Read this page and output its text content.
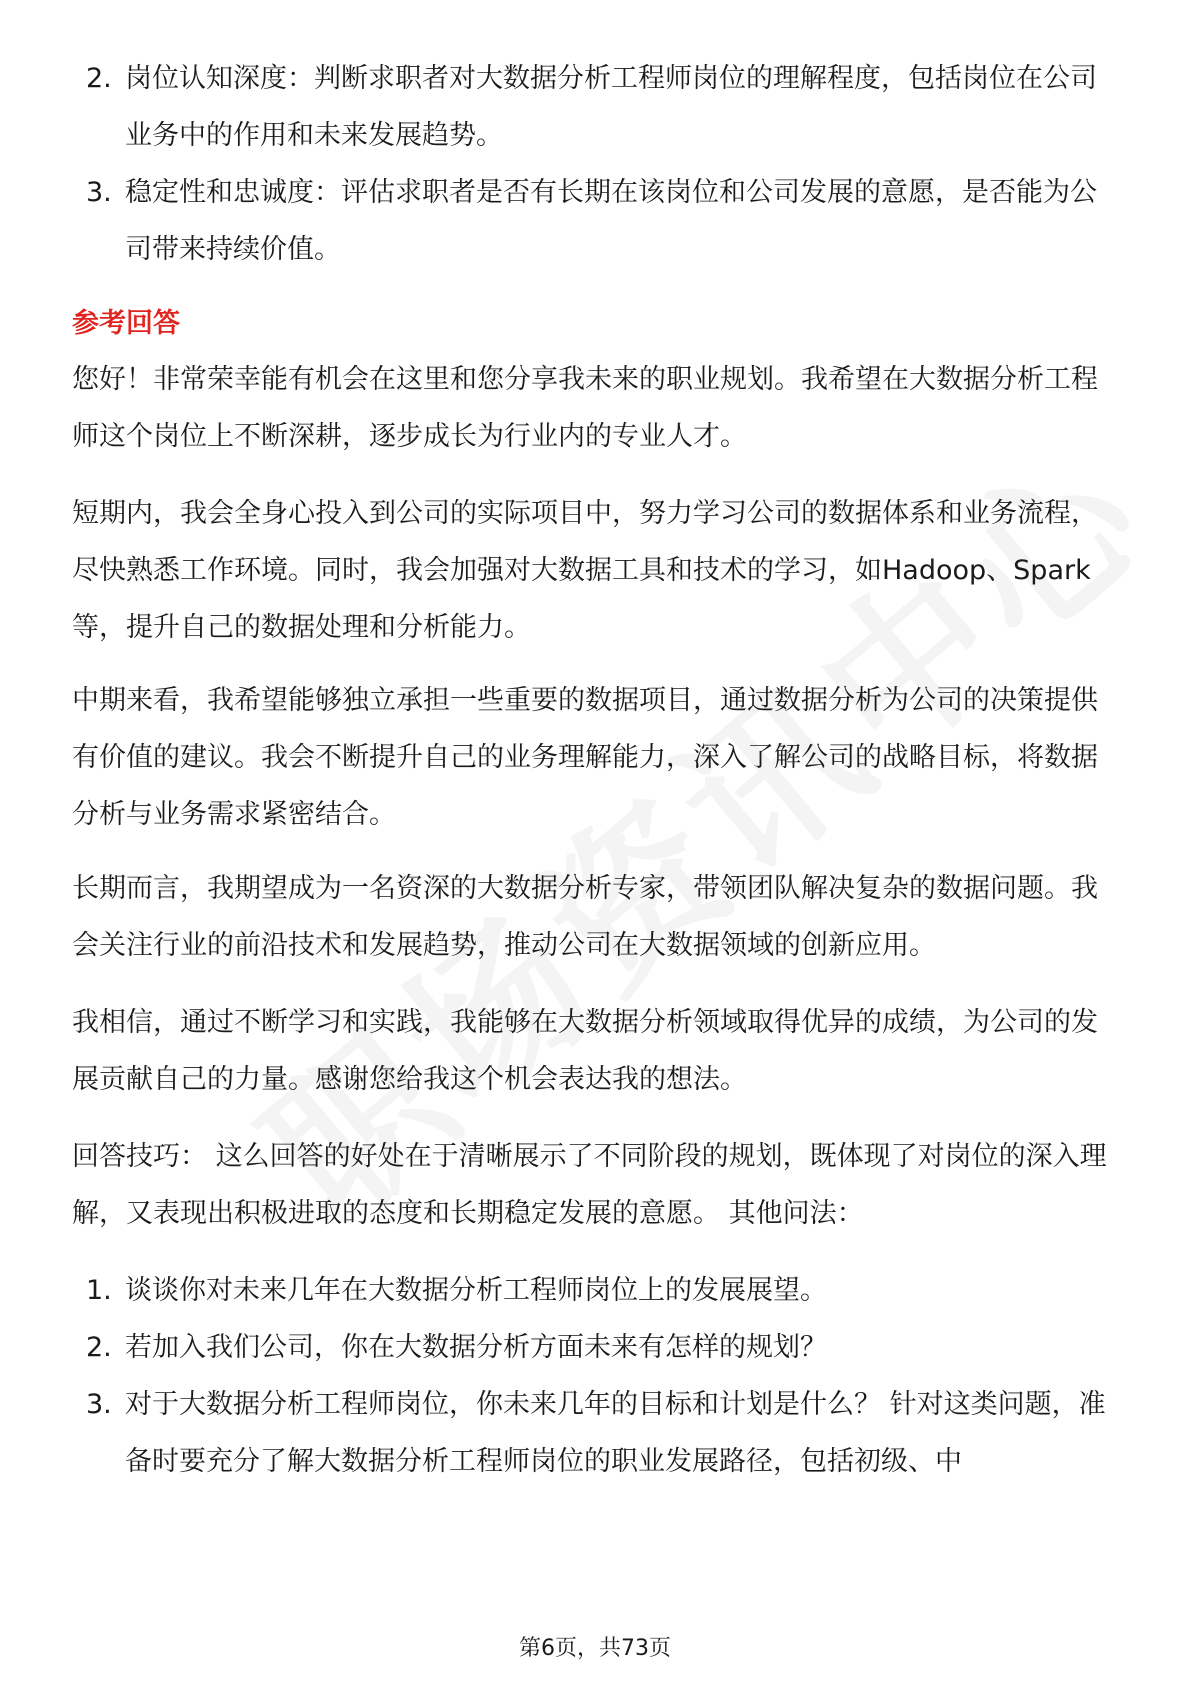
2. 岗位认知深度：判断求职者对大数据分析工程师岗位的理解程度，包括岗位在公司业务中的作用和未来发展趋势。
3. 稳定性和忠诚度：评估求职者是否有长期在该岗位和公司发展的意愿，是否能为公司带来持续价值。
参考回答

您好！非常荣幸能有机会在这里和您分享我未来的职业规划。我希望在大数据分析工程师这个岗位上不断深耕，逐步成长为行业内的专业人才。

短期内，我会全身心投入到公司的实际项目中，努力学习公司的数据体系和业务流程，尽快熟悉工作环境。同时，我会加强对大数据工具和技术的学习，如Hadoop、Spark等，提升自己的数据处理和分析能力。

中期来看，我希望能够独立承担一些重要的数据项目，通过数据分析为公司的决策提供有价值的建议。我会不断提升自己的业务理解能力，深入了解公司的战略目标，将数据分析与业务需求紧密结合。

长期而言，我期望成为一名资深的大数据分析专家，带领团队解决复杂的数据问题。我会关注行业的前沿技术和发展趋势，推动公司在大数据领域的创新应用。

我相信，通过不断学习和实践，我能够在大数据分析领域取得优异的成绩，为公司的发展贡献自己的力量。感谢您给我这个机会表达我的想法。

回答技巧： 这么回答的好处在于清晰展示了不同阶段的规划，既体现了对岗位的深入理解，又表现出积极进取的态度和长期稳定发展的意愿。 其他问法：

1. 谈谈你对未来几年在大数据分析工程师岗位上的发展展望。
2. 若加入我们公司，你在大数据分析方面未来有怎样的规划？
3. 对于大数据分析工程师岗位，你未来几年的目标和计划是什么？ 针对这类问题，准备时要充分了解大数据分析工程师岗位的职业发展路径，包括初级、中
第6页，共73页
